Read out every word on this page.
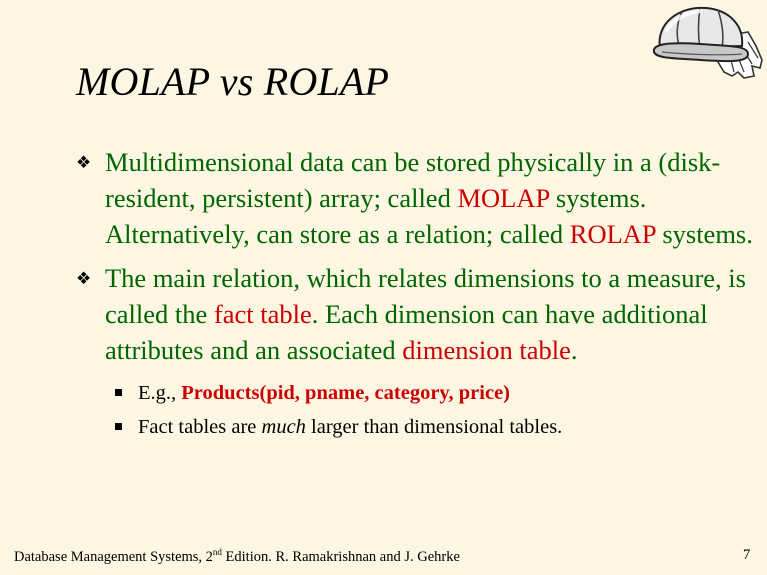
MOLAP vs ROLAP
❖ Multidimensional data can be stored physically in a (disk-resident, persistent) array; called MOLAP systems. Alternatively, can store as a relation; called ROLAP systems.
❖ The main relation, which relates dimensions to a measure, is called the fact table. Each dimension can have additional attributes and an associated dimension table.
E.g., Products(pid, pname, category, price)
Fact tables are much larger than dimensional tables.
Database Management Systems, 2nd Edition. R. Ramakrishnan and J. Gehrke	7
